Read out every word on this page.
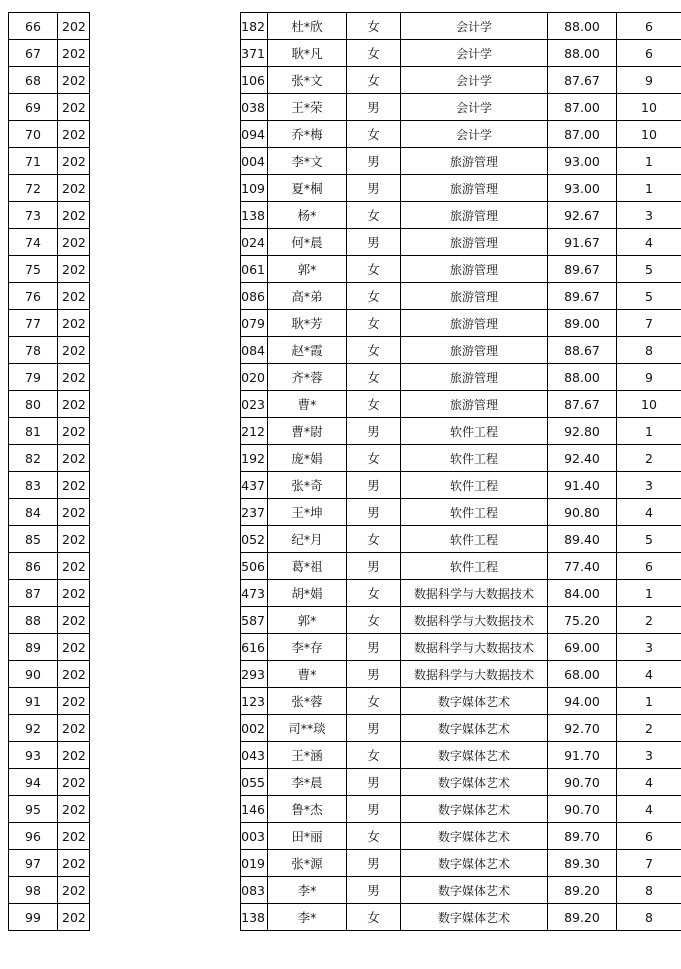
66	202		182	杜*欣	女	会计学	88.00	6
67	202		371	耿*凡	女	会计学	88.00	6
68	202		106	张*文	女	会计学	87.67	9
69	202		038	王*荣	男	会计学	87.00	10
70	202		094	乔*梅	女	会计学	87.00	10
71	202		004	李*文	男	旅游管理	93.00	1
72	202		109	夏*桐	男	旅游管理	93.00	1
73	202		138	杨*	女	旅游管理	92.67	3
74	202		024	何*晨	男	旅游管理	91.67	4
75	202		061	郭*	女	旅游管理	89.67	5
76	202		086	高*弟	女	旅游管理	89.67	5
77	202		079	耿*芳	女	旅游管理	89.00	7
78	202		084	赵*霞	女	旅游管理	88.67	8
79	202		020	齐*蓉	女	旅游管理	88.00	9
80	202		023	曹*	女	旅游管理	87.67	10
81	202		212	曹*尉	男	软件工程	92.80	1
82	202		192	庞*娟	女	软件工程	92.40	2
83	202		437	张*奇	男	软件工程	91.40	3
84	202		237	王*坤	男	软件工程	90.80	4
85	202		052	纪*月	女	软件工程	89.40	5
86	202		506	葛*祖	男	软件工程	77.40	6
87	202		473	胡*娟	女	数据科学与大数据技术	84.00	1
88	202		587	郭*	女	数据科学与大数据技术	75.20	2
89	202		616	李*存	男	数据科学与大数据技术	69.00	3
90	202		293	曹*	男	数据科学与大数据技术	68.00	4
91	202		123	张*蓉	女	数字媒体艺术	94.00	1
92	202		002	司**琰	男	数字媒体艺术	92.70	2
93	202		043	王*涵	女	数字媒体艺术	91.70	3
94	202		055	李*晨	男	数字媒体艺术	90.70	4
95	202		146	鲁*杰	男	数字媒体艺术	90.70	4
96	202		003	田*丽	女	数字媒体艺术	89.70	6
97	202		019	张*源	男	数字媒体艺术	89.30	7
98	202		083	李*	男	数字媒体艺术	89.20	8
99	202		138	李*	女	数字媒体艺术	89.20	8
